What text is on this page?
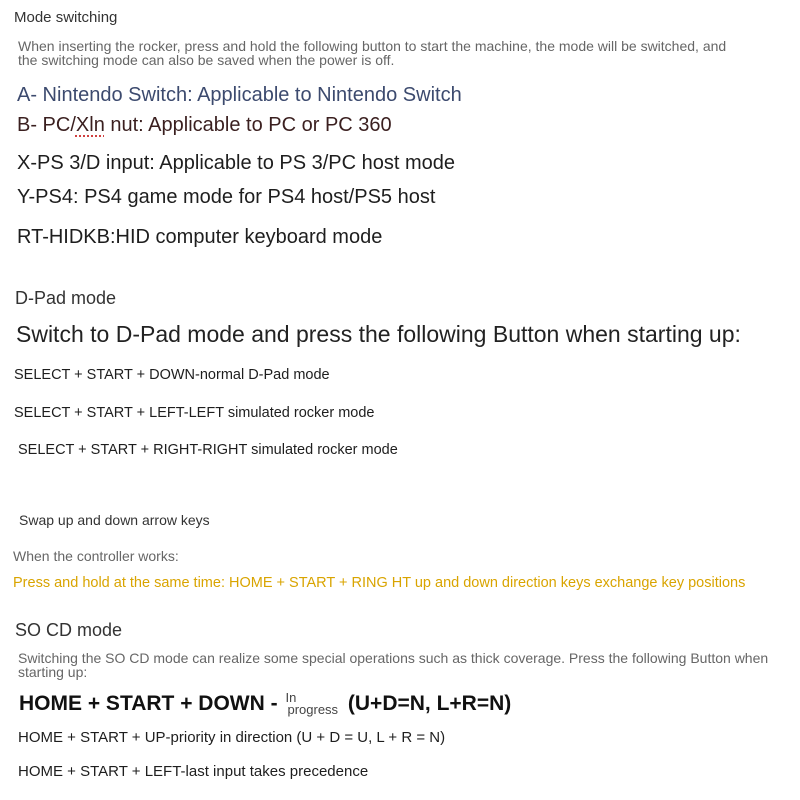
Mode switching

When inserting the rocker, press and hold the following button to start the machine, the mode will be switched, and the switching mode can also be saved when the power is off.

A- Nintendo Switch: Applicable to Nintendo Switch

B- PC/Xln nut: Applicable to PC or PC 360

X-PS 3/D input: Applicable to PS 3/PC host mode

Y-PS4: PS4 game mode for PS4 host/PS5 host

RT-HIDKB:HID computer keyboard mode

D-Pad mode

Switch to D-Pad mode and press the following Button when starting up:

SELECT + START + DOWN-normal D-Pad mode

SELECT + START + LEFT-LEFT simulated rocker mode

SELECT + START + RIGHT-RIGHT simulated rocker mode

Swap up and down arrow keys

When the controller works:

Press and hold at the same time: HOME + START + RING HT up and down direction keys exchange key positions

SO CD mode

Switching the SO CD mode can realize some special operations such as thick coverage. Press the following Button when starting up:

HOME + START + DOWN - In
progress (U+D=N, L+R=N)

HOME + START + UP-priority in direction (U + D = U, L + R = N)

HOME + START + LEFT-last input takes precedence
